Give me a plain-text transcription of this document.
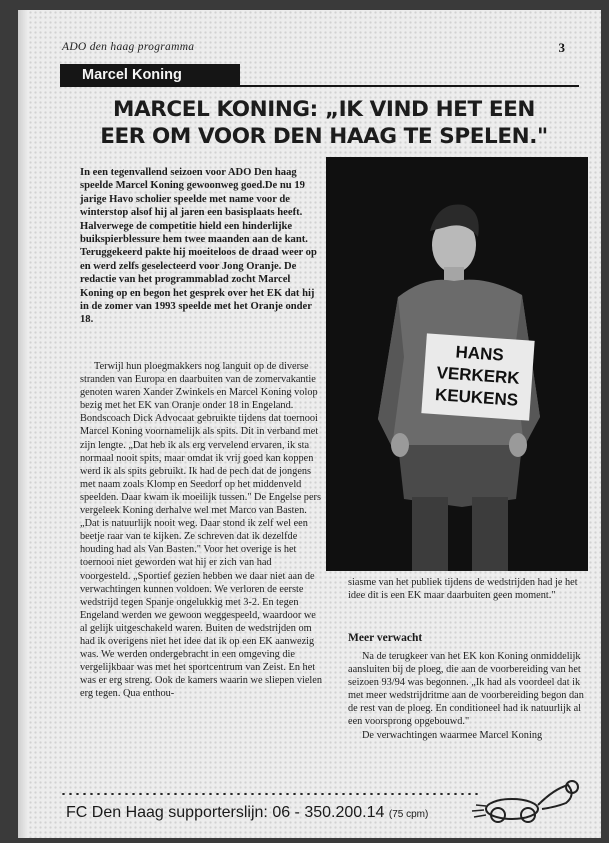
ADO den haag programma	3
Marcel Koning
MARCEL KONING: „IK VIND HET EEN
EER OM VOOR DEN HAAG TE SPELEN."
In een tegenvallend seizoen voor ADO Den haag speelde Marcel Koning gewoonweg goed.De nu 19 jarige Havo scholier speelde met name voor de winterstop alsof hij al jaren een basisplaats heeft. Halverwege de competitie hield een hinderlijke buikspierblessure hem twee maanden aan de kant. Teruggekeerd pakte hij moeiteloos de draad weer op en werd zelfs geselecteerd voor Jong Oranje. De redactie van het programmablad zocht Marcel Koning op en begon het gesprek over het EK dat hij in de zomer van 1993 speelde met het Oranje onder 18.
HANS
VERKERK
KEUKENS

Terwijl hun ploegmakkers nog languit op de diverse stranden van Europa en daarbuiten van de zomervakantie genoten waren Xander Zwinkels en Marcel Koning volop bezig met het EK van Oranje onder 18 in Engeland. Bondscoach Dick Advocaat gebruikte tijdens dat toernooi Marcel Koning voornamelijk als spits. Dit in verband met zijn lengte. „Dat heb ik als erg vervelend ervaren, ik sta normaal nooit spits, maar omdat ik vrij goed kan koppen werd ik als spits gebruikt. Ik had de pech dat de jongens met naam zoals Klomp en Seedorf op het middenveld speelden. Daar kwam ik moeilijk tussen." De Engelse pers vergeleek Koning derhalve wel met Marco van Basten. „Dat is natuurlijk nooit weg. Daar stond ik zelf wel een beetje raar van te kijken. Ze schreven dat ik dezelfde houding had als Van Basten." Voor het overige is het toernooi niet geworden wat hij er zich van had voorgesteld. „Sportief gezien hebben we daar niet aan de verwachtingen kunnen voldoen. We verloren de eerste wedstrijd tegen Spanje ongelukkig met 3-2. En tegen Engeland werden we gewoon weggespeeld, waardoor we al gelijk uitgeschakeld waren. Buiten de wedstrijden om had ik overigens niet het idee dat ik op een EK aanwezig was. We werden ondergebracht in een omgeving die vergelijkbaar was met het sportcentrum van Zeist. En het was er erg streng. Ook de kamers waarin we sliepen vielen erg tegen. Qua enthou-

siasme van het publiek tijdens de wedstrijden had je het idee dit is een EK maar daarbuiten geen moment."

Meer verwacht

Na de terugkeer van het EK kon Koning onmiddelijk aansluiten bij de ploeg, die aan de voorbereiding van het seizoen 93/94 was begonnen. „Ik had als voordeel dat ik met meer wedstrijdritme aan de voorbereiding begon dan de rest van de ploeg. En conditioneel had ik natuurlijk al een voorsprong opgebouwd."

De verwachtingen waarmee Marcel Koning

FC Den Haag supporterslijn: 06 - 350.200.14 (75 cpm)
